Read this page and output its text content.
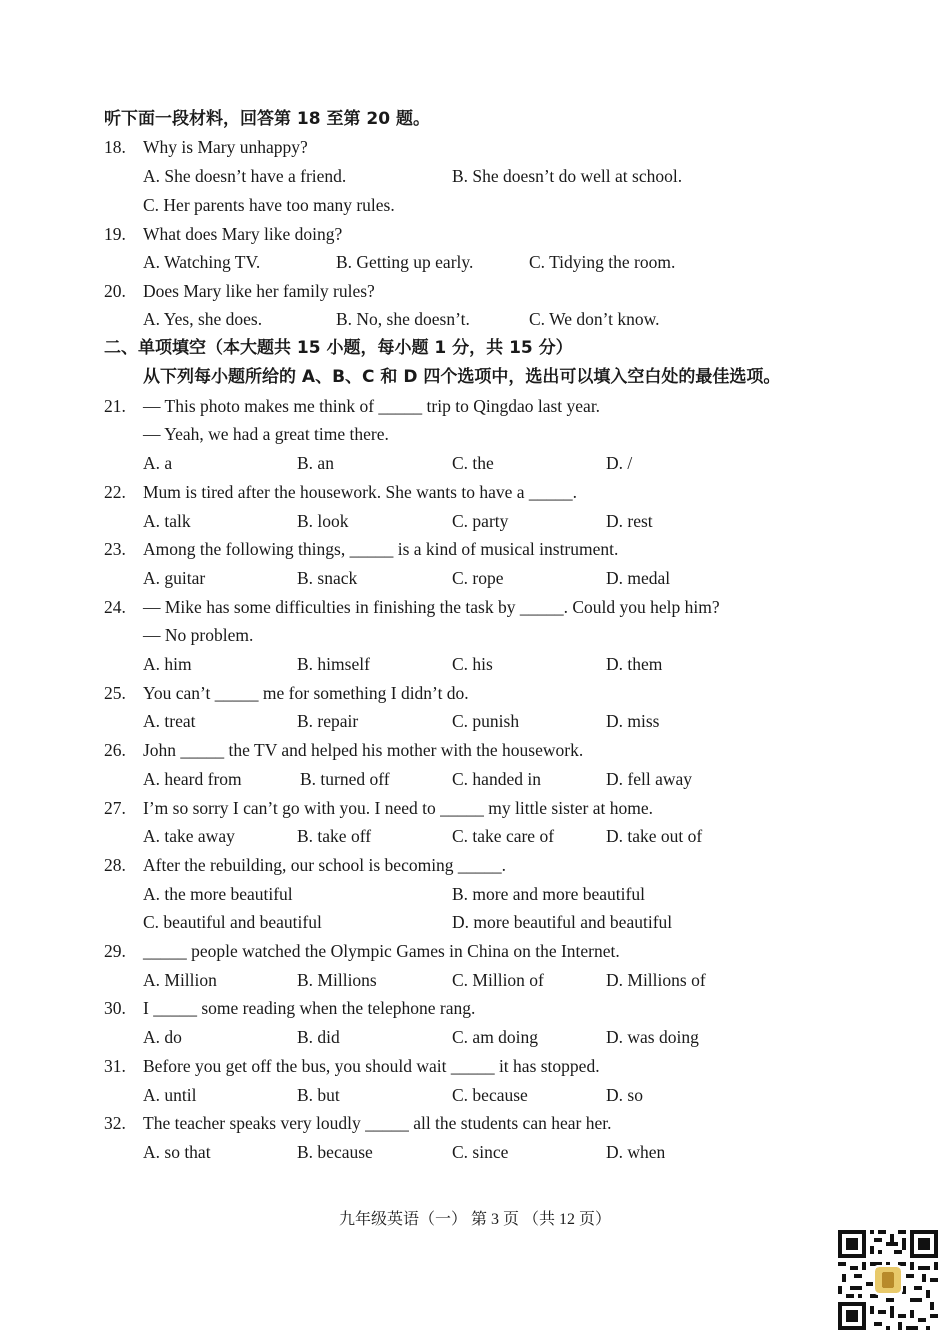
听下面一段材料，回答第 18 至第 20 题。
18. Why is Mary unhappy?
A. She doesn’t have a friend.	B. She doesn’t do well at school.
C. Her parents have too many rules.
19. What does Mary like doing?
A. Watching TV.	B. Getting up early.	C. Tidying the room.
20. Does Mary like her family rules?
A. Yes, she does.	B. No, she doesn’t.	C. We don’t know.
二、单项填空（本大题共 15 小题，每小题 1 分，共 15 分）
从下列每小题所给的 A、B、C 和 D 四个选项中，选出可以填入空白处的最佳选项。
21. — This photo makes me think of _____ trip to Qingdao last year.
— Yeah, we had a great time there.
A. a	B. an	C. the	D. /
22. Mum is tired after the housework. She wants to have a _____.
A. talk	B. look	C. party	D. rest
23. Among the following things, _____ is a kind of musical instrument.
A. guitar	B. snack	C. rope	D. medal
24. — Mike has some difficulties in finishing the task by _____. Could you help him?
— No problem.
A. him	B. himself	C. his	D. them
25. You can’t _____ me for something I didn’t do.
A. treat	B. repair	C. punish	D. miss
26. John _____ the TV and helped his mother with the housework.
A. heard from	B. turned off	C. handed in	D. fell away
27. I’m so sorry I can’t go with you. I need to _____ my little sister at home.
A. take away	B. take off	C. take care of	D. take out of
28. After the rebuilding, our school is becoming _____.
A. the more beautiful	B. more and more beautiful
C. beautiful and beautiful	D. more beautiful and beautiful
29. _____ people watched the Olympic Games in China on the Internet.
A. Million	B. Millions	C. Million of	D. Millions of
30. I _____ some reading when the telephone rang.
A. do	B. did	C. am doing	D. was doing
31. Before you get off the bus, you should wait _____ it has stopped.
A. until	B. but	C. because	D. so
32. The teacher speaks very loudly _____ all the students can hear her.
A. so that	B. because	C. since	D. when
九年级英语（一） 第 3 页 （共 12 页）
